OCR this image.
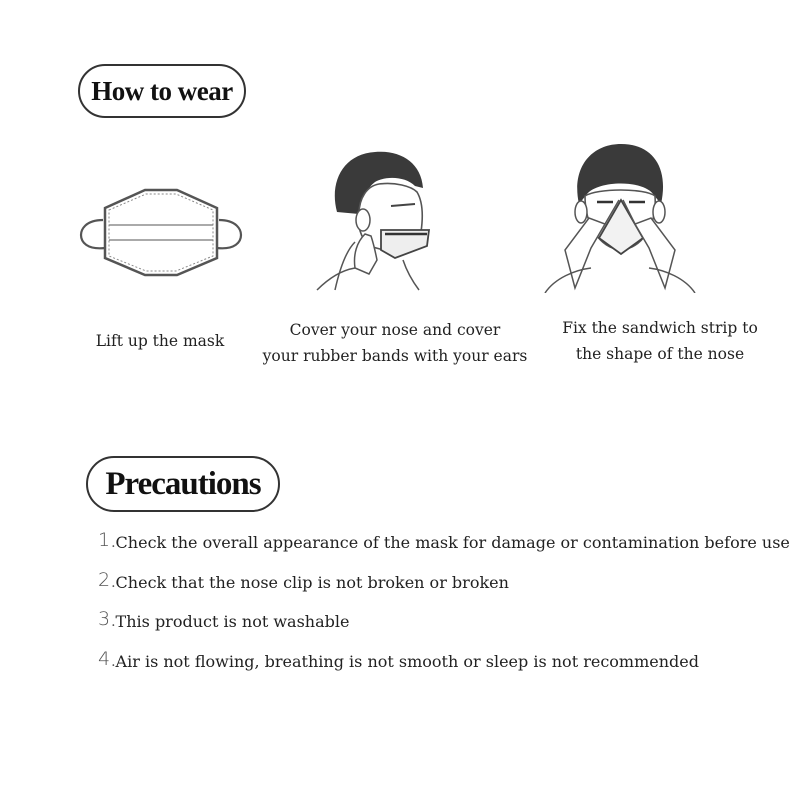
How to wear
Lift up the mask
Cover your nose and cover
your rubber bands with your ears
Fix the sandwich strip to
the shape of the nose
Precautions
1 . Check the overall appearance of the mask for damage or contamination before use
2 . Check that the nose clip is not broken or broken
3 . This product is not washable
4 . Air is not flowing, breathing is not smooth or sleep is not recommended
